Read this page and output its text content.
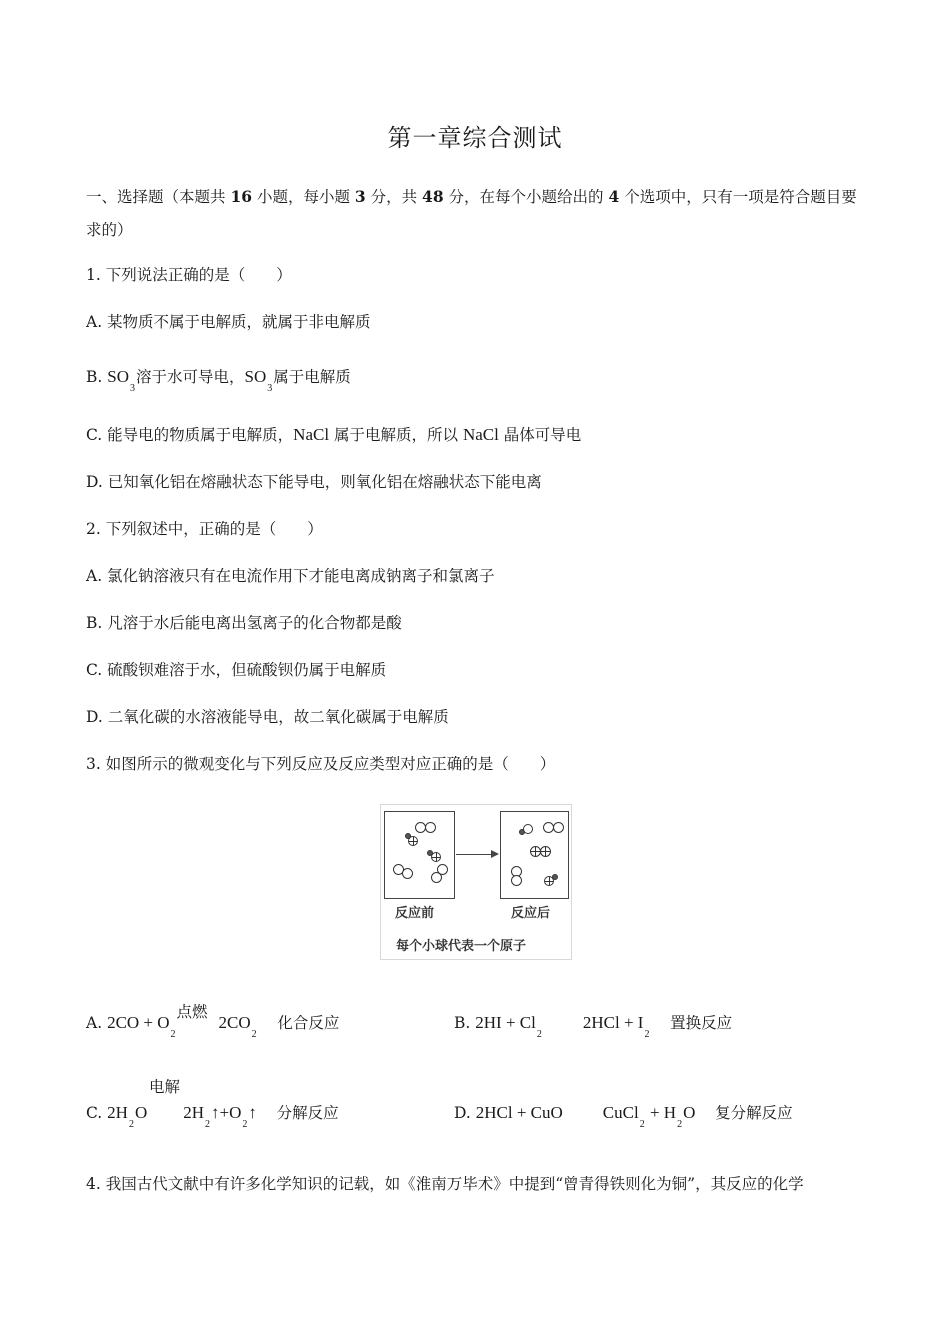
第一章综合测试
一、选择题（本题共 16 小题，每小题 3 分，共 48 分，在每个小题给出的 4 个选项中，只有一项是符合题目要求的）
1. 下列说法正确的是（　　）
A. 某物质不属于电解质，就属于非电解质
B. $SO_3$溶于水可导电，$SO_3$属于电解质
C. 能导电的物质属于电解质，NaCl 属于电解质，所以 NaCl 晶体可导电
D. 已知氧化铝在熔融状态下能导电，则氧化铝在熔融状态下能电离
2. 下列叙述中，正确的是（　　）
A. 氯化钠溶液只有在电流作用下才能电离成钠离子和氯离子
B. 凡溶于水后能电离出氢离子的化合物都是酸
C. 硫酸钡难溶于水，但硫酸钡仍属于电解质
D. 二氧化碳的水溶液能导电，故二氧化碳属于电解质
3. 如图所示的微观变化与下列反应及反应类型对应正确的是（　　）
反应前	反应后
每个小球代表一个原子
A. $2CO + O_2$
点燃
$2CO_2$    化合反应	B. $2HI + Cl_22HCl + I_2$    置换反应
C. $2H_2O$
电解
$2H_2↑+O_2↑$ 分解反应	D. 2HCl + CuO CuCl$_2$ + $H_2O$ 复分解反应
4. 我国古代文献中有许多化学知识的记载，如《淮南万毕术》中提到“曾青得铁则化为铜”，其反应的化学
